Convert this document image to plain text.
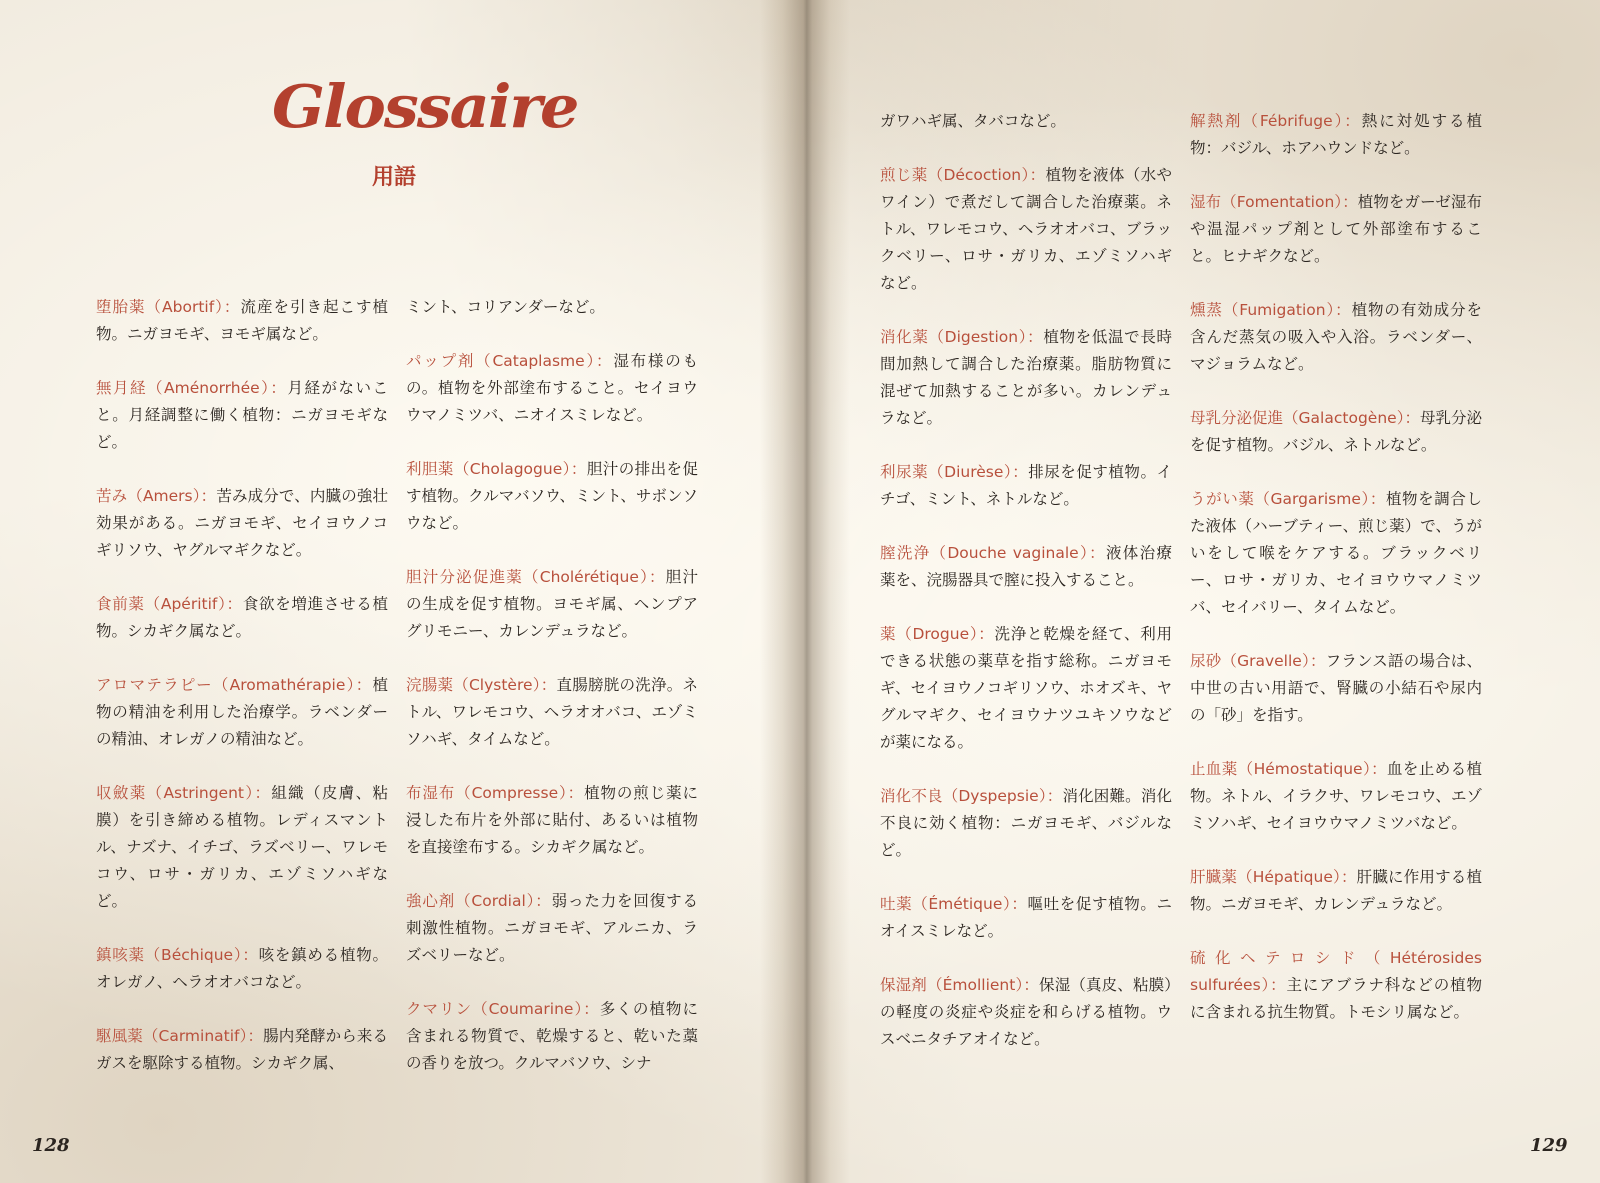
Glossaire
用語
堕胎薬（Abortif）：流産を引き起こす植物。ニガヨモギ、ヨモギ属など。
無月経（Aménorrhée）：月経がないこと。月経調整に働く植物：ニガヨモギなど。
苦み（Amers）：苦み成分で、内臓の強壮効果がある。ニガヨモギ、セイヨウノコギリソウ、ヤグルマギクなど。
食前薬（Apéritif）：食欲を増進させる植物。シカギク属など。
アロマテラピー（Aromathérapie）：植物の精油を利用した治療学。ラベンダーの精油、オレガノの精油など。
収斂薬（Astringent）：組織（皮膚、粘膜）を引き締める植物。レディスマントル、ナズナ、イチゴ、ラズベリー、ワレモコウ、ロサ・ガリカ、エゾミソハギなど。
鎮咳薬（Béchique）：咳を鎮める植物。オレガノ、ヘラオオバコなど。
駆風薬（Carminatif）：腸内発酵から来るガスを駆除する植物。シカギク属、
ミント、コリアンダーなど。
パップ剤（Cataplasme）：湿布様のもの。植物を外部塗布すること。セイヨウウマノミツバ、ニオイスミレなど。
利胆薬（Cholagogue）：胆汁の排出を促す植物。クルマバソウ、ミント、サボンソウなど。
胆汁分泌促進薬（Cholérétique）：胆汁の生成を促す植物。ヨモギ属、ヘンプアグリモニー、カレンデュラなど。
浣腸薬（Clystère）：直腸膀胱の洗浄。ネトル、ワレモコウ、ヘラオオバコ、エゾミソハギ、タイムなど。
布湿布（Compresse）：植物の煎じ薬に浸した布片を外部に貼付、あるいは植物を直接塗布する。シカギク属など。
強心剤（Cordial）：弱った力を回復する刺激性植物。ニガヨモギ、アルニカ、ラズベリーなど。
クマリン（Coumarine）：多くの植物に含まれる物質で、乾燥すると、乾いた藁の香りを放つ。クルマバソウ、シナ
ガワハギ属、タバコなど。
煎じ薬（Décoction）：植物を液体（水やワイン）で煮だして調合した治療薬。ネトル、ワレモコウ、ヘラオオバコ、ブラックベリー、ロサ・ガリカ、エゾミソハギなど。
消化薬（Digestion）：植物を低温で長時間加熱して調合した治療薬。脂肪物質に混ぜて加熱することが多い。カレンデュラなど。
利尿薬（Diurèse）：排尿を促す植物。イチゴ、ミント、ネトルなど。
膣洗浄（Douche vaginale）：液体治療薬を、浣腸器具で膣に投入すること。
薬（Drogue）：洗浄と乾燥を経て、利用できる状態の薬草を指す総称。ニガヨモギ、セイヨウノコギリソウ、ホオズキ、ヤグルマギク、セイヨウナツユキソウなどが薬になる。
消化不良（Dyspepsie）：消化困難。消化不良に効く植物：ニガヨモギ、バジルなど。
吐薬（Émétique）：嘔吐を促す植物。ニオイスミレなど。
保湿剤（Émollient）：保湿（真皮、粘膜）の軽度の炎症や炎症を和らげる植物。ウスベニタチアオイなど。
解熱剤（Fébrifuge）：熱に対処する植物：バジル、ホアハウンドなど。
湿布（Fomentation）：植物をガーゼ湿布や温湿パップ剤として外部塗布すること。ヒナギクなど。
燻蒸（Fumigation）：植物の有効成分を含んだ蒸気の吸入や入浴。ラベンダー、マジョラムなど。
母乳分泌促進（Galactogène）：母乳分泌を促す植物。バジル、ネトルなど。
うがい薬（Gargarisme）：植物を調合した液体（ハーブティー、煎じ薬）で、うがいをして喉をケアする。ブラックベリー、ロサ・ガリカ、セイヨウウマノミツバ、セイバリー、タイムなど。
尿砂（Gravelle）：フランス語の場合は、中世の古い用語で、腎臓の小結石や尿内の「砂」を指す。
止血薬（Hémostatique）：血を止める植物。ネトル、イラクサ、ワレモコウ、エゾミソハギ、セイヨウウマノミツバなど。
肝臓薬（Hépatique）：肝臓に作用する植物。ニガヨモギ、カレンデュラなど。
硫化ヘテロシド（Hétérosides sulfurées）：主にアブラナ科などの植物に含まれる抗生物質。トモシリ属など。
128	129
